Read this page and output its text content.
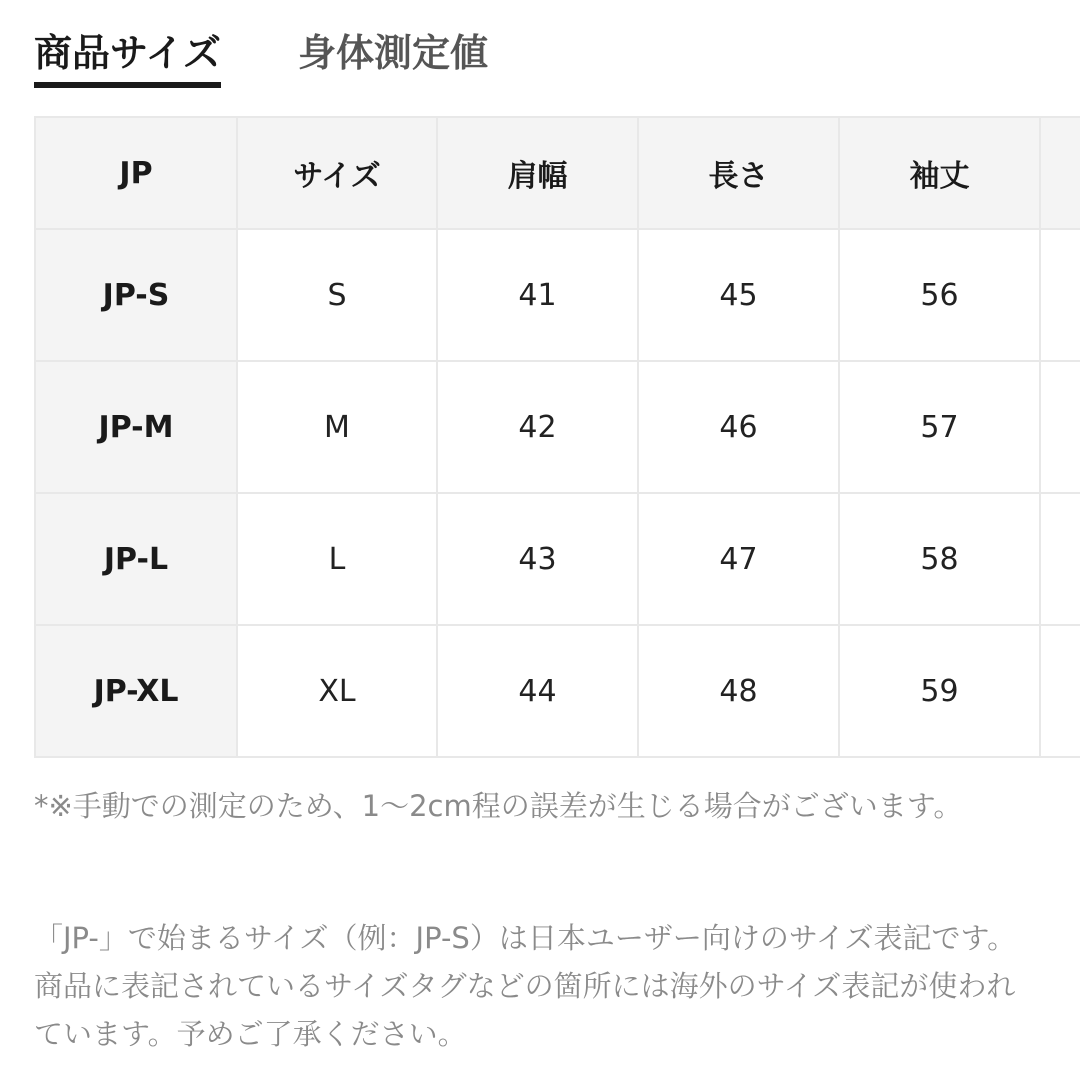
商品サイズ 身体測定値
JP	サイズ	肩幅	長さ	袖丈	
JP-S	S	41	45	56	
JP-M	M	42	46	57	
JP-L	L	43	47	58	
JP-XL	XL	44	48	59	
*※手動での測定のため、1〜2cm程の誤差が生じる場合がございます。
「JP-」で始まるサイズ（例：JP-S）は日本ユーザー向けのサイズ表記です。商品に表記されているサイズタグなどの箇所には海外のサイズ表記が使われています。予めご了承ください。
